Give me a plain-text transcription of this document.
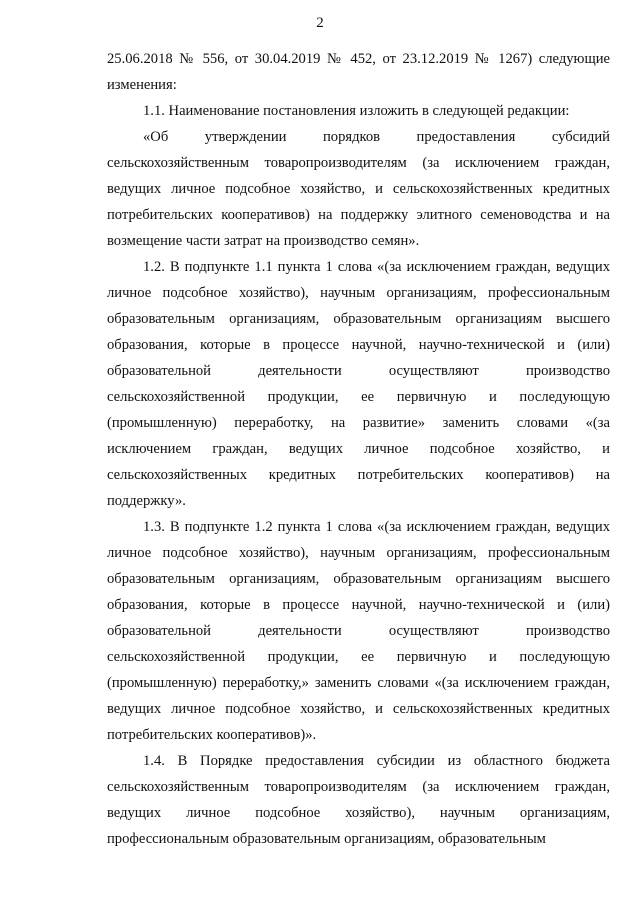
2

25.06.2018 № 556, от 30.04.2019 № 452, от 23.12.2019 № 1267) следующие изменения:

1.1. Наименование постановления изложить в следующей редакции:

«Об утверждении порядков предоставления субсидий сельскохозяйственным товаропроизводителям (за исключением граждан, ведущих личное подсобное хозяйство, и сельскохозяйственных кредитных потребительских кооперативов) на поддержку элитного семеноводства и на возмещение части затрат на производство семян».

1.2. В подпункте 1.1 пункта 1 слова «(за исключением граждан, ведущих личное подсобное хозяйство), научным организациям, профессиональным образовательным организациям, образовательным организациям высшего образования, которые в процессе научной, научно-технической и (или) образовательной деятельности осуществляют производство сельскохозяйственной продукции, ее первичную и последующую (промышленную) переработку, на развитие» заменить словами «(за исключением граждан, ведущих личное подсобное хозяйство, и сельскохозяйственных кредитных потребительских кооперативов) на поддержку».

1.3. В подпункте 1.2 пункта 1 слова «(за исключением граждан, ведущих личное подсобное хозяйство), научным организациям, профессиональным образовательным организациям, образовательным организациям высшего образования, которые в процессе научной, научно-технической и (или) образовательной деятельности осуществляют производство сельскохозяйственной продукции, ее первичную и последующую (промышленную) переработку,» заменить словами «(за исключением граждан, ведущих личное подсобное хозяйство, и сельскохозяйственных кредитных потребительских кооперативов)».

1.4. В Порядке предоставления субсидии из областного бюджета сельскохозяйственным товаропроизводителям (за исключением граждан, ведущих личное подсобное хозяйство), научным организациям, профессиональным образовательным организациям, образовательным
